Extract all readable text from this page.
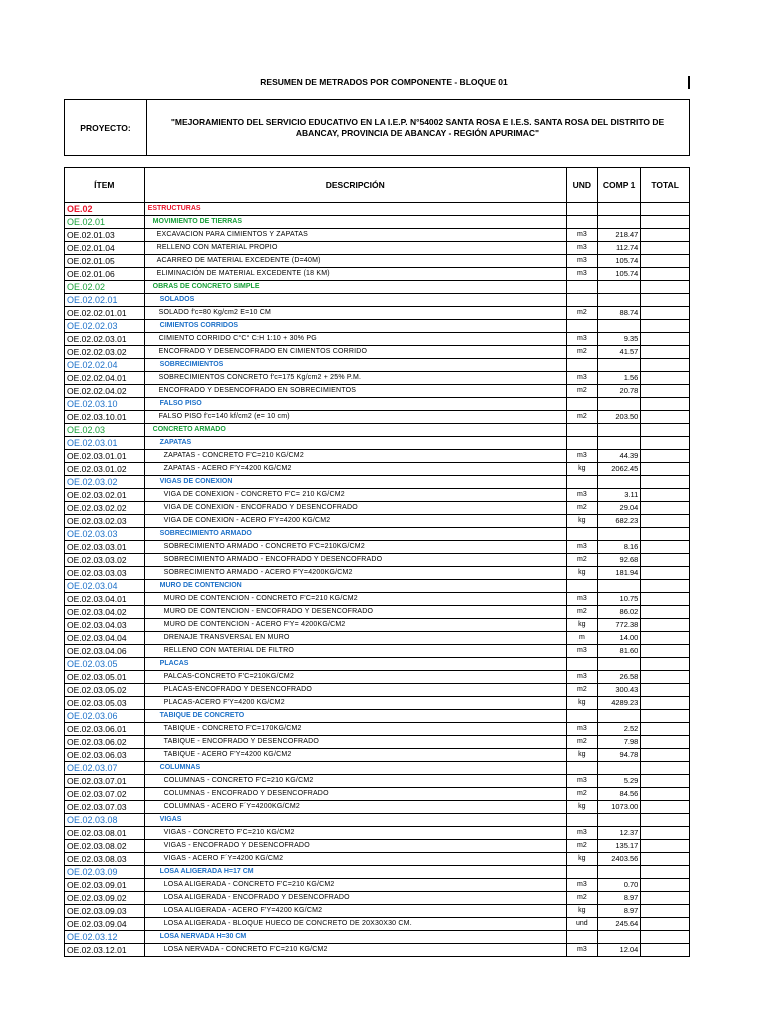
RESUMEN DE METRADOS POR COMPONENTE - BLOQUE 01
PROYECTO:
"MEJORAMIENTO DEL SERVICIO EDUCATIVO EN LA I.E.P. N°54002 SANTA ROSA E I.E.S. SANTA ROSA DEL DISTRITO DE ABANCAY, PROVINCIA DE ABANCAY - REGIÓN APURIMAC"
ÍTEM	DESCRIPCIÓN	UND	COMP 1	TOTAL
OE.02	ESTRUCTURAS			
OE.02.01	MOVIMIENTO DE TIERRAS			
OE.02.01.03	EXCAVACION PARA CIMIENTOS Y ZAPATAS	m3	218.47	
OE.02.01.04	RELLENO CON MATERIAL PROPIO	m3	112.74	
OE.02.01.05	ACARREO DE MATERIAL EXCEDENTE (D=40M)	m3	105.74	
OE.02.01.06	ELIMINACIÓN DE MATERIAL EXCEDENTE (18 KM)	m3	105.74	
OE.02.02	OBRAS DE CONCRETO SIMPLE			
OE.02.02.01	SOLADOS			
OE.02.02.01.01	SOLADO f'c=80 Kg/cm2 E=10 CM	m2	88.74	
OE.02.02.03	CIMIENTOS CORRIDOS			
OE.02.02.03.01	CIMIENTO CORRIDO C°C° C:H 1:10 + 30% PG	m3	9.35	
OE.02.02.03.02	ENCOFRADO Y DESENCOFRADO EN CIMIENTOS CORRIDO	m2	41.57	
OE.02.02.04	SOBRECIMIENTOS			
OE.02.02.04.01	SOBRECIMIENTOS CONCRETO f'c=175 Kg/cm2 + 25% P.M.	m3	1.56	
OE.02.02.04.02	ENCOFRADO Y DESENCOFRADO EN SOBRECIMIENTOS	m2	20.78	
OE.02.03.10	FALSO PISO			
OE.02.03.10.01	FALSO PISO f'c=140 kf/cm2 (e= 10 cm)	m2	203.50	
OE.02.03	CONCRETO ARMADO			
OE.02.03.01	ZAPATAS			
OE.02.03.01.01	ZAPATAS - CONCRETO F'C=210 KG/CM2	m3	44.39	
OE.02.03.01.02	ZAPATAS - ACERO F'Y=4200 KG/CM2	kg	2062.45	
OE.02.03.02	VIGAS DE CONEXION			
OE.02.03.02.01	VIGA DE CONEXION - CONCRETO F'C= 210 KG/CM2	m3	3.11	
OE.02.03.02.02	VIGA DE CONEXION - ENCOFRADO Y DESENCOFRADO	m2	29.04	
OE.02.03.02.03	VIGA DE CONEXION - ACERO F'Y=4200 KG/CM2	kg	682.23	
OE.02.03.03	SOBRECIMIENTO ARMADO			
OE.02.03.03.01	SOBRECIMIENTO ARMADO - CONCRETO F'C=210KG/CM2	m3	8.16	
OE.02.03.03.02	SOBRECIMIENTO ARMADO - ENCOFRADO Y DESENCOFRADO	m2	92.68	
OE.02.03.03.03	SOBRECIMIENTO ARMADO - ACERO F'Y=4200KG/CM2	kg	181.94	
OE.02.03.04	MURO DE CONTENCION			
OE.02.03.04.01	MURO DE CONTENCION - CONCRETO F'C=210 KG/CM2	m3	10.75	
OE.02.03.04.02	MURO DE CONTENCION - ENCOFRADO Y DESENCOFRADO	m2	86.02	
OE.02.03.04.03	MURO DE CONTENCION - ACERO F'Y= 4200KG/CM2	kg	772.38	
OE.02.03.04.04	DRENAJE TRANSVERSAL EN MURO	m	14.00	
OE.02.03.04.06	RELLENO CON MATERIAL DE FILTRO	m3	81.60	
OE.02.03.05	PLACAS			
OE.02.03.05.01	PALCAS-CONCRETO F'C=210KG/CM2	m3	26.58	
OE.02.03.05.02	PLACAS-ENCOFRADO Y DESENCOFRADO	m2	300.43	
OE.02.03.05.03	PLACAS-ACERO F'Y=4200 KG/CM2	kg	4289.23	
OE.02.03.06	TABIQUE DE CONCRETO			
OE.02.03.06.01	TABIQUE - CONCRETO F'C=170KG/CM2	m3	2.52	
OE.02.03.06.02	TABIQUE - ENCOFRADO Y DESENCOFRADO	m2	7.98	
OE.02.03.06.03	TABIQUE - ACERO F'Y=4200 KG/CM2	kg	94.78	
OE.02.03.07	COLUMNAS			
OE.02.03.07.01	COLUMNAS - CONCRETO F'C=210 KG/CM2	m3	5.29	
OE.02.03.07.02	COLUMNAS - ENCOFRADO Y DESENCOFRADO	m2	84.56	
OE.02.03.07.03	COLUMNAS - ACERO F´Y=4200KG/CM2	kg	1073.00	
OE.02.03.08	VIGAS			
OE.02.03.08.01	VIGAS - CONCRETO F'C=210 KG/CM2	m3	12.37	
OE.02.03.08.02	VIGAS - ENCOFRADO Y DESENCOFRADO	m2	135.17	
OE.02.03.08.03	VIGAS - ACERO F´Y=4200 KG/CM2	kg	2403.56	
OE.02.03.09	LOSA ALIGERADA H=17 CM			
OE.02.03.09.01	LOSA ALIGERADA - CONCRETO F'C=210 KG/CM2	m3	0.70	
OE.02.03.09.02	LOSA ALIGERADA - ENCOFRADO Y DESENCOFRADO	m2	8.97	
OE.02.03.09.03	LOSA ALIGERADA - ACERO F'Y=4200 KG/CM2	kg	8.97	
OE.02.03.09.04	LOSA ALIGERADA - BLOQUE HUECO DE CONCRETO DE 20X30X30 CM.	und	245.64	
OE.02.03.12	LOSA NERVADA H=30 CM			
OE.02.03.12.01	LOSA NERVADA - CONCRETO F'C=210 KG/CM2	m3	12.04	
